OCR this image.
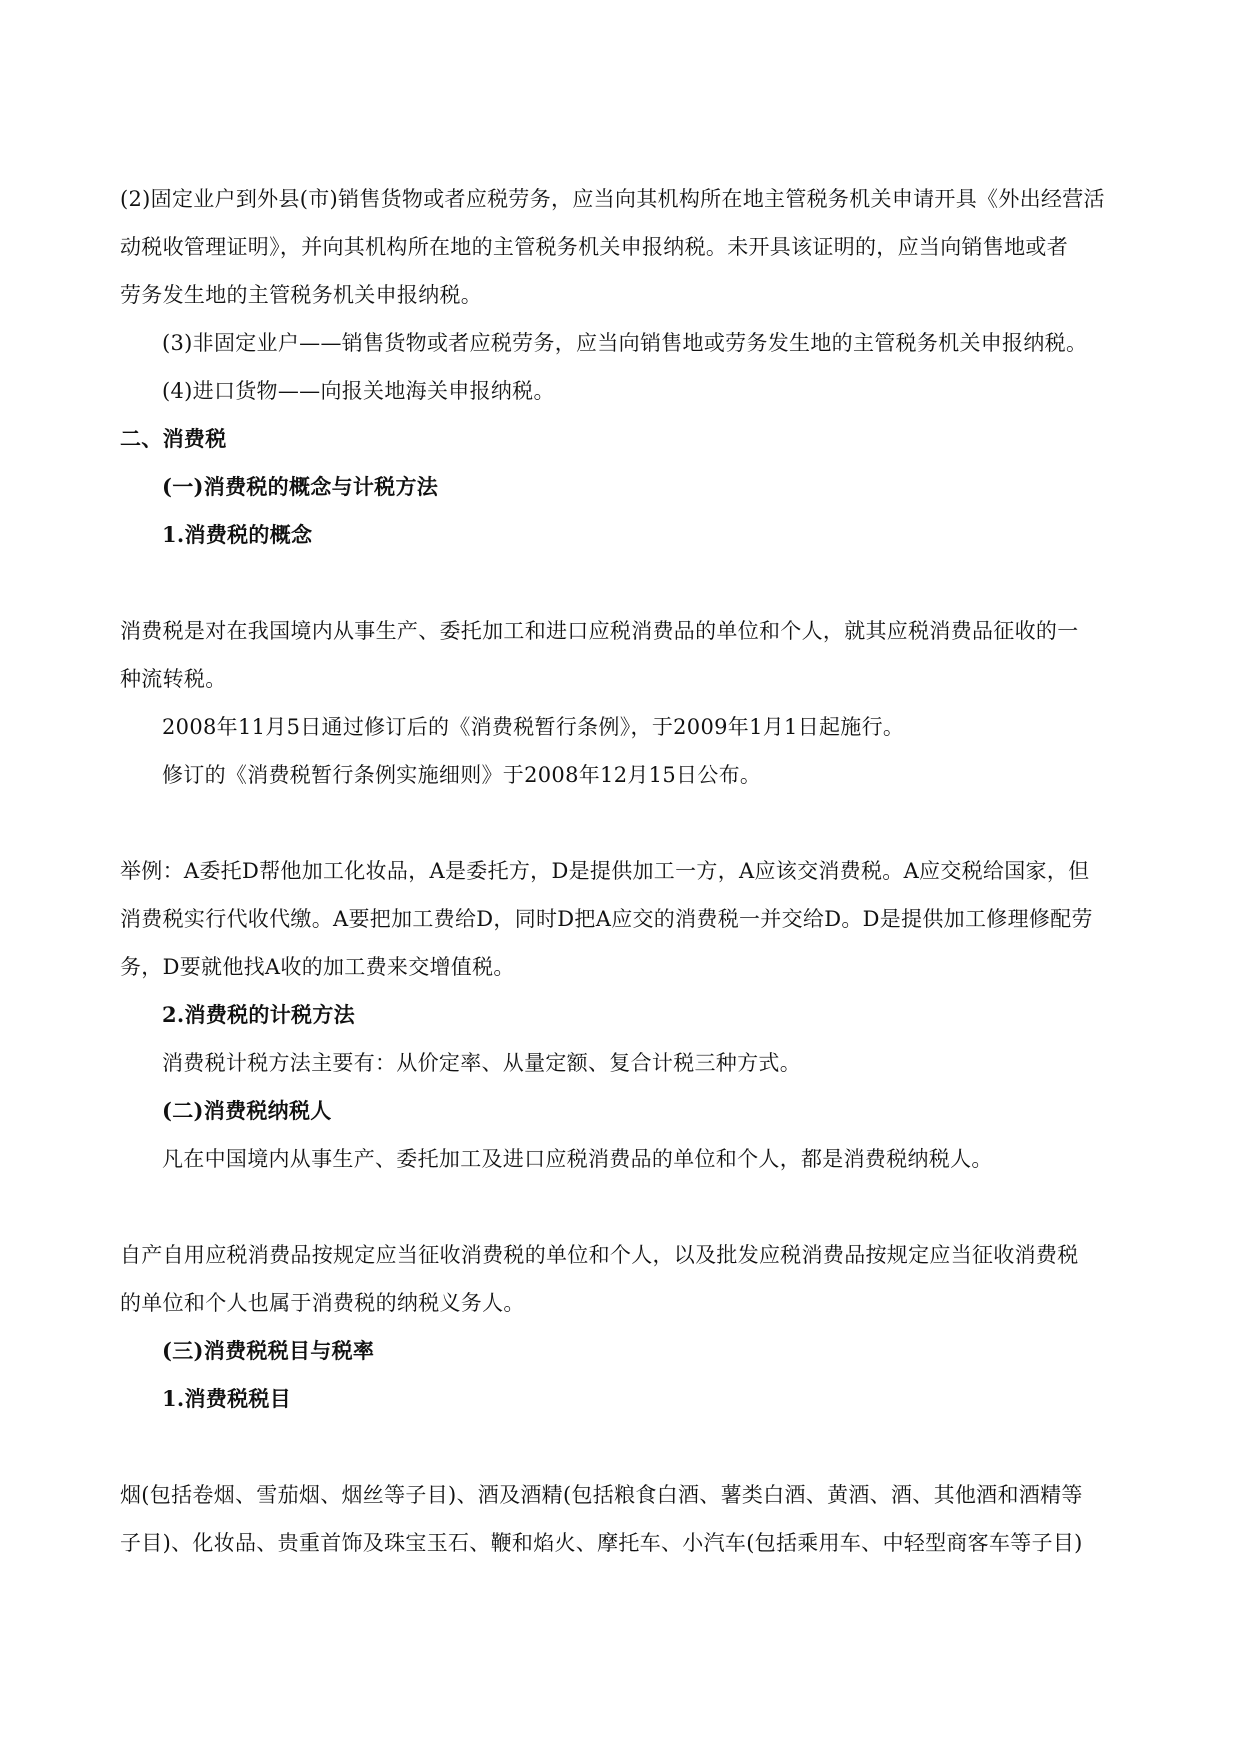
(2)固定业户到外县(市)销售货物或者应税劳务，应当向其机构所在地主管税务机关申请开具《外出经营活
动税收管理证明》，并向其机构所在地的主管税务机关申报纳税。未开具该证明的，应当向销售地或者
劳务发生地的主管税务机关申报纳税。
(3)非固定业户——销售货物或者应税劳务，应当向销售地或劳务发生地的主管税务机关申报纳税。
(4)进口货物——向报关地海关申报纳税。
二、消费税
(一)消费税的概念与计税方法
1.消费税的概念
消费税是对在我国境内从事生产、委托加工和进口应税消费品的单位和个人，就其应税消费品征收的一
种流转税。
2008年11月5日通过修订后的《消费税暂行条例》，于2009年1月1日起施行。
修订的《消费税暂行条例实施细则》于2008年12月15日公布。
举例：A委托D帮他加工化妆品，A是委托方，D是提供加工一方，A应该交消费税。A应交税给国家，但
消费税实行代收代缴。A要把加工费给D，同时D把A应交的消费税一并交给D。D是提供加工修理修配劳
务，D要就他找A收的加工费来交增值税。
2.消费税的计税方法
消费税计税方法主要有：从价定率、从量定额、复合计税三种方式。
(二)消费税纳税人
凡在中国境内从事生产、委托加工及进口应税消费品的单位和个人，都是消费税纳税人。
自产自用应税消费品按规定应当征收消费税的单位和个人，以及批发应税消费品按规定应当征收消费税
的单位和个人也属于消费税的纳税义务人。
(三)消费税税目与税率
1.消费税税目
烟(包括卷烟、雪茄烟、烟丝等子目)、酒及酒精(包括粮食白酒、薯类白酒、黄酒、酒、其他酒和酒精等
子目)、化妆品、贵重首饰及珠宝玉石、鞭和焰火、摩托车、小汽车(包括乘用车、中轻型商客车等子目)
